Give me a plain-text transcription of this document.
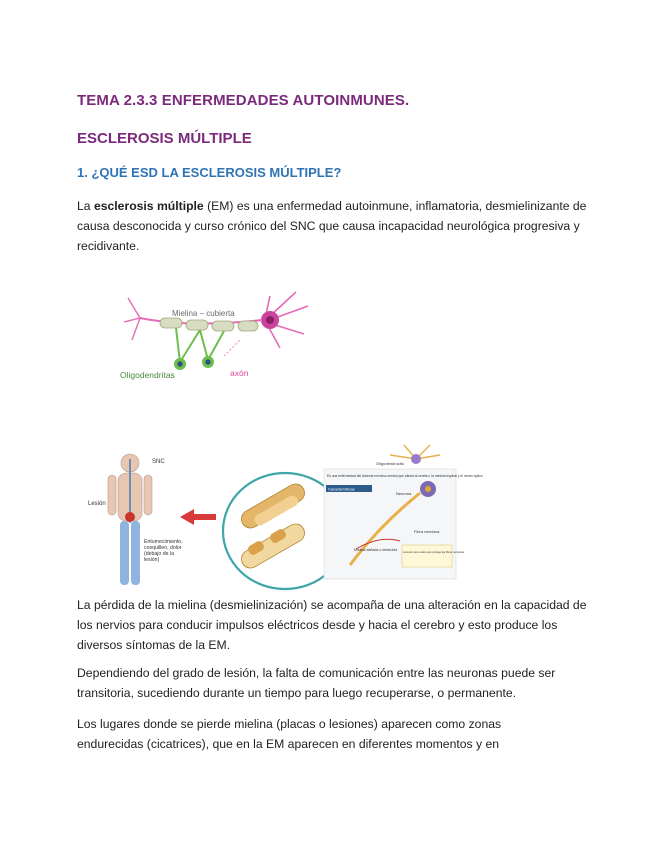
TEMA 2.3.3 ENFERMEDADES AUTOINMUNES.
ESCLEROSIS MÚLTIPLE
1. ¿QUÉ ESD LA ESCLEROSIS MÚLTIPLE?
La esclerosis múltiple (EM) es una enfermedad autoinmune, inflamatoria, desmielinizante de causa desconocida y curso crónico del SNC que causa incapacidad neurológica progresiva y recidivante.
Mielina – cubierta
Oligodendritas	axón
SNC
Lesión
Entumecimiento,
cosquilleo, dolor
(debajo de la
lesión)
Es una enfermedad del sistema nervioso central que afecta al cerebro, la médula espinal y el nervio óptico
Características
Neurona
Fibra nerviosa
Mielina dañada o destruida
La lesión es la vaina que protege las fibras nerviosas
Oligodendrocito
La pérdida de la mielina (desmielinización) se acompaña de una alteración en la capacidad de los nervios para conducir impulsos eléctricos desde y hacia el cerebro y esto produce los diversos síntomas de la EM.
Dependiendo del grado de lesión, la falta de comunicación entre las neuronas puede ser transitoria, sucediendo durante un tiempo para luego recuperarse, o permanente.
Los lugares donde se pierde mielina (placas o lesiones) aparecen como zonas
endurecidas (cicatrices), que en la EM aparecen en diferentes momentos y en
